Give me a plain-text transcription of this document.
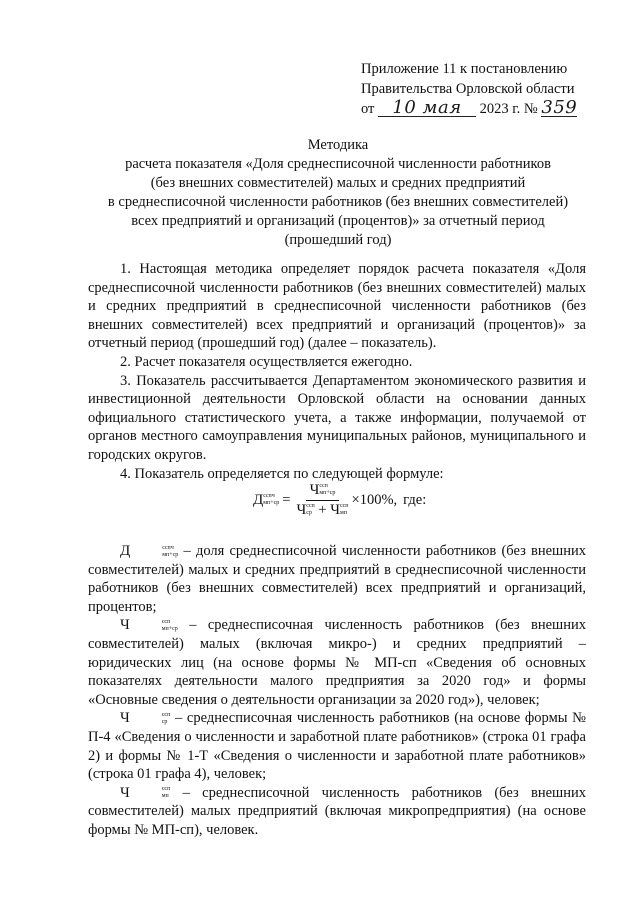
Приложение 11 к постановлению
Правительства Орловской области
от 10 мая 2023 г. № 359
Методика
расчета показателя «Доля среднесписочной численности работников
(без внешних совместителей) малых и средних предприятий
в среднесписочной численности работников (без внешних совместителей)
всех предприятий и организаций (процентов)» за отчетный период
(прошедший год)

1. Настоящая методика определяет порядок расчета показателя «Доля среднесписочной численности работников (без внешних совместителей) малых и средних предприятий в среднесписочной численности работников (без внешних совместителей) всех предприятий и организаций (процентов)» за отчетный период (прошедший год) (далее – показатель).

2. Расчет показателя осуществляется ежегодно.

3. Показатель рассчитывается Департаментом экономического развития и инвестиционной деятельности Орловской области на основании данных официального статистического учета, а также информации, получаемой от органов местного самоуправления муниципальных районов, муниципального и городских округов.

4. Показатель определяется по следующей формуле:

Д сспч
мп+ср =
Ч ссп
мп+ср
Ч ссп
ср + Ч ссп
мп
×100%, где:

Д	сспч
мп+ср – доля среднесписочной численности работников (без внешних совместителей) малых и средних предприятий в среднесписочной численности работников (без внешних совместителей) всех предприятий и организаций, процентов;

Ч	ссп
мп+ср – среднесписочная численность работников (без внешних совместителей) малых (включая микро-) и средних предприятий – юридических лиц (на основе формы № МП-сп «Сведения об основных показателях деятельности малого предприятия за 2020 год» и формы «Основные сведения о деятельности организации за 2020 год»), человек;

Ч	ссп
ср – среднесписочная численность работников (на основе формы № П-4 «Сведения о численности и заработной плате работников» (строка 01 графа 2) и формы № 1-Т «Сведения о численности и заработной плате работников» (строка 01 графа 4), человек;

Ч	ссп
мп – среднесписочной численность работников (без внешних совместителей) малых предприятий (включая микропредприятия) (на основе формы № МП-сп), человек.
